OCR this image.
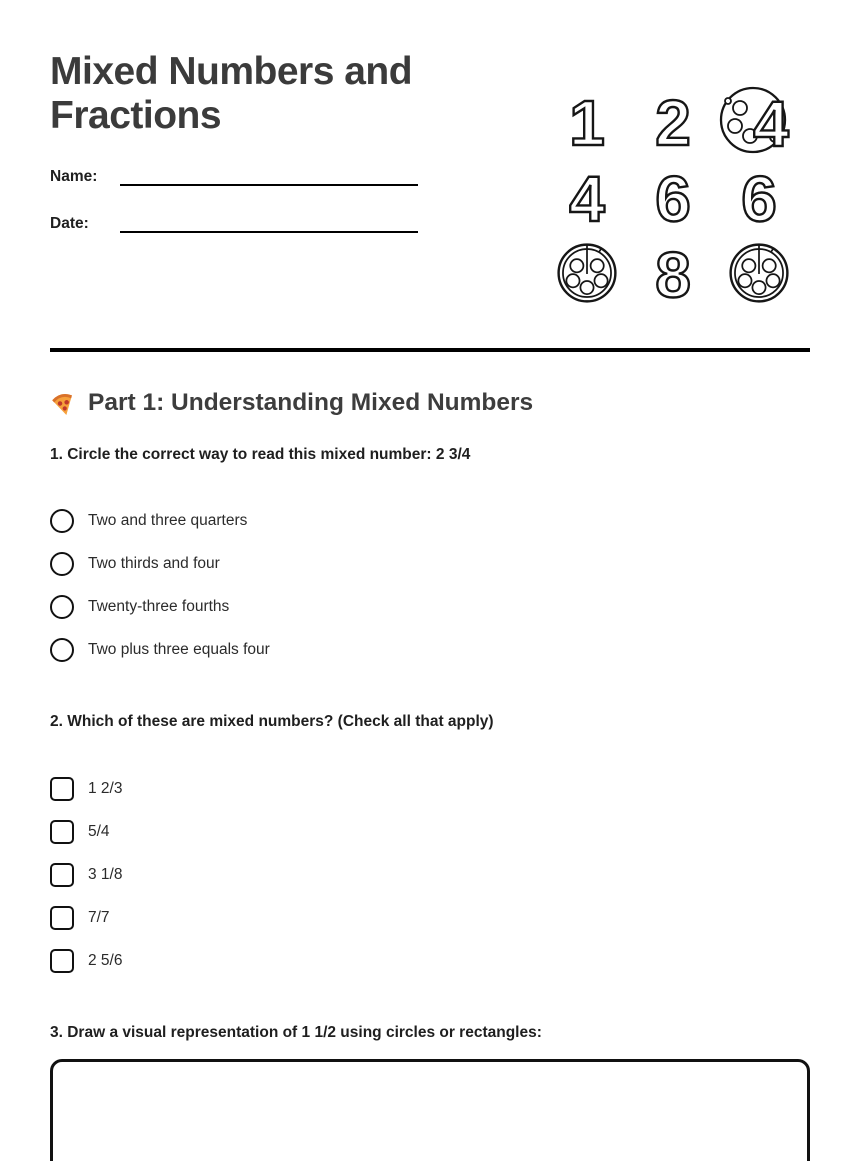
Mixed Numbers and Fractions
Name:
Date:
1 2 4
4 6 6
8
Part 1: Understanding Mixed Numbers
1. Circle the correct way to read this mixed number: 2 3/4
Two and three quarters
Two thirds and four
Twenty-three fourths
Two plus three equals four
2. Which of these are mixed numbers? (Check all that apply)
1 2/3
5/4
3 1/8
7/7
2 5/6
3. Draw a visual representation of 1 1/2 using circles or rectangles:
